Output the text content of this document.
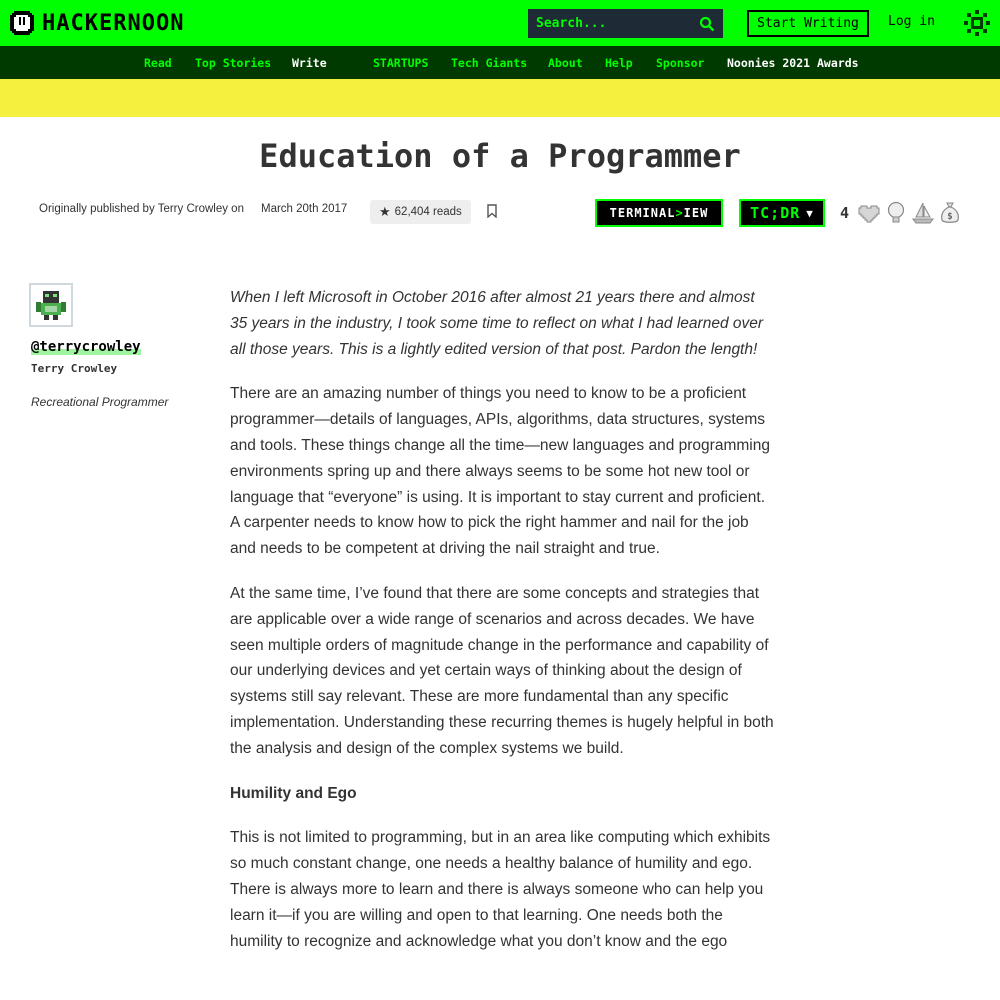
HACKERNOON
Search...	Start Writing	Log in
Read Top Stories Write	STARTUPS Tech Giants About Help Sponsor Noonies 2021 Awards
Education of a Programmer
Originally published by Terry Crowley on March 20th 2017 ★ 62,404 reads	TERMINAL > IEW	TC;DR ▼ 4	$
@terrycrowley
Terry Crowley
Recreational Programmer

When I left Microsoft in October 2016 after almost 21 years there and almost 35 years in the industry, I took some time to reflect on what I had learned over all those years. This is a lightly edited version of that post. Pardon the length!

There are an amazing number of things you need to know to be a proficient programmer—details of languages, APIs, algorithms, data structures, systems and tools. These things change all the time—new languages and programming environments spring up and there always seems to be some hot new tool or language that “everyone” is using. It is important to stay current and proficient. A carpenter needs to know how to pick the right hammer and nail for the job and needs to be competent at driving the nail straight and true.

At the same time, I’ve found that there are some concepts and strategies that are applicable over a wide range of scenarios and across decades. We have seen multiple orders of magnitude change in the performance and capability of our underlying devices and yet certain ways of thinking about the design of systems still say relevant. These are more fundamental than any specific implementation. Understanding these recurring themes is hugely helpful in both the analysis and design of the complex systems we build.

Humility and Ego

This is not limited to programming, but in an area like computing which exhibits so much constant change, one needs a healthy balance of humility and ego. There is always more to learn and there is always someone who can help you learn it—if you are willing and open to that learning. One needs both the humility to recognize and acknowledge what you don’t know and the ego
